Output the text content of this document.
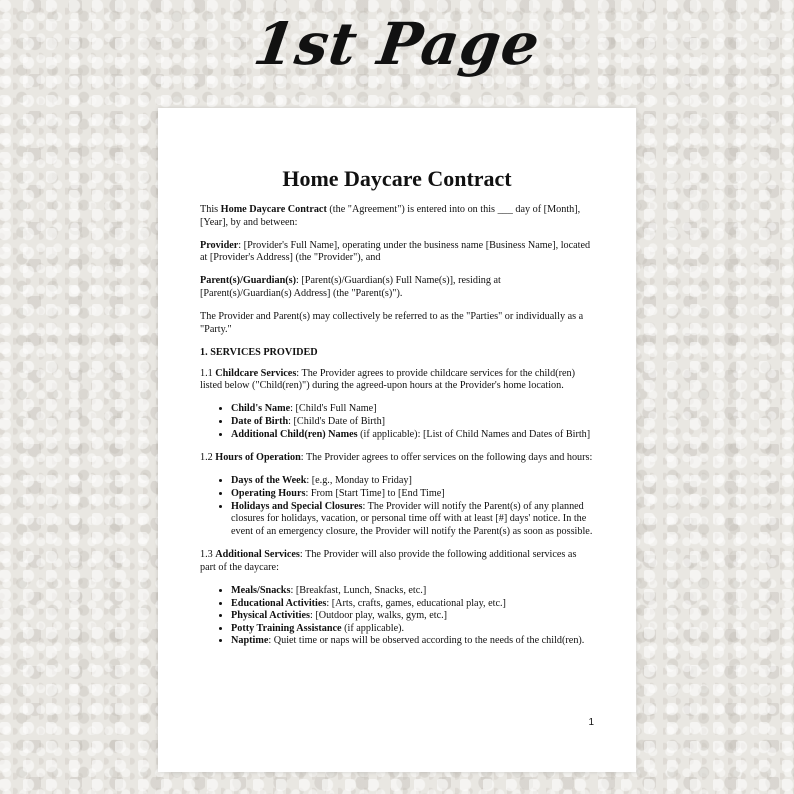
1st Page
Home Daycare Contract

This Home Daycare Contract (the "Agreement") is entered into on this ___ day of [Month], [Year], by and between:

Provider: [Provider's Full Name], operating under the business name [Business Name], located at [Provider's Address] (the "Provider"), and

Parent(s)/Guardian(s): [Parent(s)/Guardian(s) Full Name(s)], residing at [Parent(s)/Guardian(s) Address] (the "Parent(s)").

The Provider and Parent(s) may collectively be referred to as the "Parties" or individually as a "Party."

1. SERVICES PROVIDED

1.1 Childcare Services: The Provider agrees to provide childcare services for the child(ren) listed below ("Child(ren)") during the agreed-upon hours at the Provider's home location.

• Child's Name: [Child's Full Name]
• Date of Birth: [Child's Date of Birth]
• Additional Child(ren) Names (if applicable): [List of Child Names and Dates of Birth]

1.2 Hours of Operation: The Provider agrees to offer services on the following days and hours:

• Days of the Week: [e.g., Monday to Friday]
• Operating Hours: From [Start Time] to [End Time]
• Holidays and Special Closures: The Provider will notify the Parent(s) of any planned closures for holidays, vacation, or personal time off with at least [#] days' notice. In the event of an emergency closure, the Provider will notify the Parent(s) as soon as possible.

1.3 Additional Services: The Provider will also provide the following additional services as part of the daycare:

• Meals/Snacks: [Breakfast, Lunch, Snacks, etc.]
• Educational Activities: [Arts, crafts, games, educational play, etc.]
• Physical Activities: [Outdoor play, walks, gym, etc.]
• Potty Training Assistance (if applicable).
• Naptime: Quiet time or naps will be observed according to the needs of the child(ren).
1
